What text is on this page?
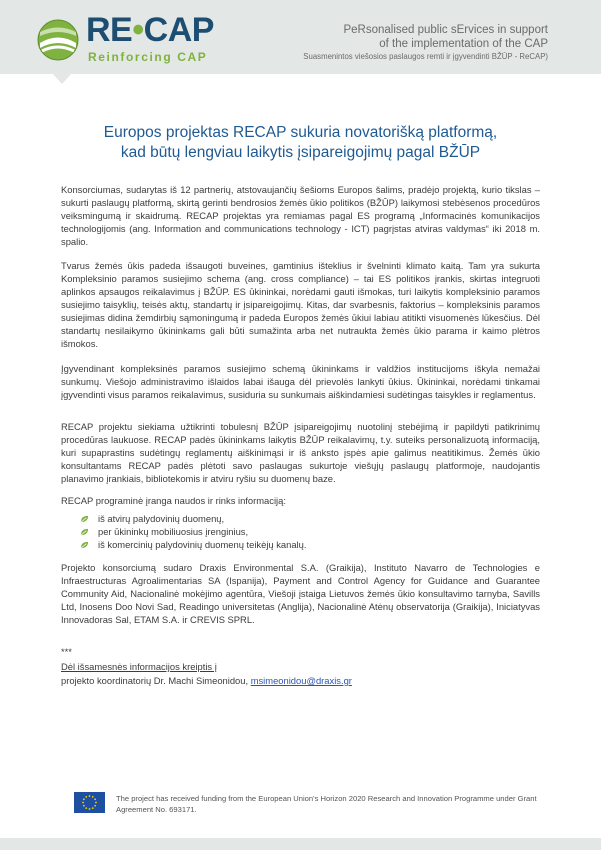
RE•CAP
Reinforcing CAP
PeRsonalised public sErvices in support
of the implementation of the CAP
Suasmenintos viešosios paslaugos remti ir įgyvendinti BŽŪP - ReCAP)
Europos projektas RECAP sukuria novatorišką platformą,
kad būtų lengviau laikytis įsipareigojimų pagal BŽŪP
Konsorciumas, sudarytas iš 12 partnerių, atstovaujančių šešioms Europos šalims, pradėjo projektą, kurio tikslas – sukurti paslaugų platformą, skirtą gerinti bendrosios žemės ūkio politikos (BŽŪP) laikymosi stebėsenos procedūros veiksmingumą ir skaidrumą. RECAP projektas yra remiamas pagal ES programą „Informacinės komunikacijos technologijomis (ang. Information and communications technology - ICT) pagrįstas atviras valdymas“ iki 2018 m. spalio.
Tvarus žemės ūkis padeda išsaugoti buveines, gamtinius išteklius ir švelninti klimato kaitą. Tam yra sukurta Kompleksinio paramos susiejimo schema (ang. cross compliance) – tai ES politikos įrankis, skirtas integruoti aplinkos apsaugos reikalavimus į BŽŪP. ES ūkininkai, norėdami gauti išmokas, turi laikytis kompleksinio paramos susiejimo taisyklių, teisės aktų, standartų ir įsipareigojimų. Kitas, dar svarbesnis, faktorius – kompleksinis paramos susiejimas didina žemdirbių sąmoningumą ir padeda Europos žemės ūkiui labiau atitikti visuomenės lūkesčius. Dėl standartų nesilaikymo ūkininkams gali būti sumažinta arba net nutraukta žemės ūkio parama ir kaimo plėtros išmokos.
Įgyvendinant kompleksinės paramos susiejimo schemą ūkininkams ir valdžios institucijoms iškyla nemažai sunkumų. Viešojo administravimo išlaidos labai išauga dėl prievolės lankyti ūkius. Ūkininkai, norėdami tinkamai įgyvendinti visus paramos reikalavimus, susiduria su sunkumais aiškindamiesi sudėtingas taisykles ir reglamentus.
RECAP projektu siekiama užtikrinti tobulesnį BŽŪP įsipareigojimų nuotolinį stebėjimą ir papildyti patikrinimų procedūras laukuose. RECAP padės ūkininkams laikytis BŽŪP reikalavimų, t.y. suteiks personalizuotą informaciją, kuri supaprastins sudėtingų reglamentų aiškinimąsi ir iš anksto įspės apie galimus neatitikimus. Žemės ūkio konsultantams RECAP padės plėtoti savo paslaugas sukurtoje viešųjų paslaugų platformoje, naudojantis planavimo įrankiais, bibliotekomis ir atviru ryšiu su duomenų baze.
RECAP programinė įranga naudos ir rinks informaciją:
iš atvirų palydovinių duomenų,
per ūkininkų mobiliuosius įrenginius,
iš komercinių palydovinių duomenų teikėjų kanalų.
Projekto konsorciumą sudaro Draxis Environmental S.A. (Graikija), Instituto Navarro de Technologies e Infraestructuras Agroalimentarias SA (Ispanija), Payment and Control Agency for Guidance and Guarantee Community Aid, Nacionalinė mokėjimo agentūra, Viešoji įstaiga Lietuvos žemės ūkio konsultavimo tarnyba, Savills Ltd, Inosens Doo Novi Sad, Readingo universitetas (Anglija), Nacionalinė Atėnų observatorija (Graikija), Iniciatyvas Innovadoras Sal, ETAM S.A. ir CREVIS SPRL.
***
Dėl išsamesnės informacijos kreiptis į
projekto koordinatorių Dr. Machi Simeonidou, msimeonidou@draxis.gr
The project has received funding from the European Union's Horizon 2020 Research and Innovation Programme under Grant Agreement No. 693171.
